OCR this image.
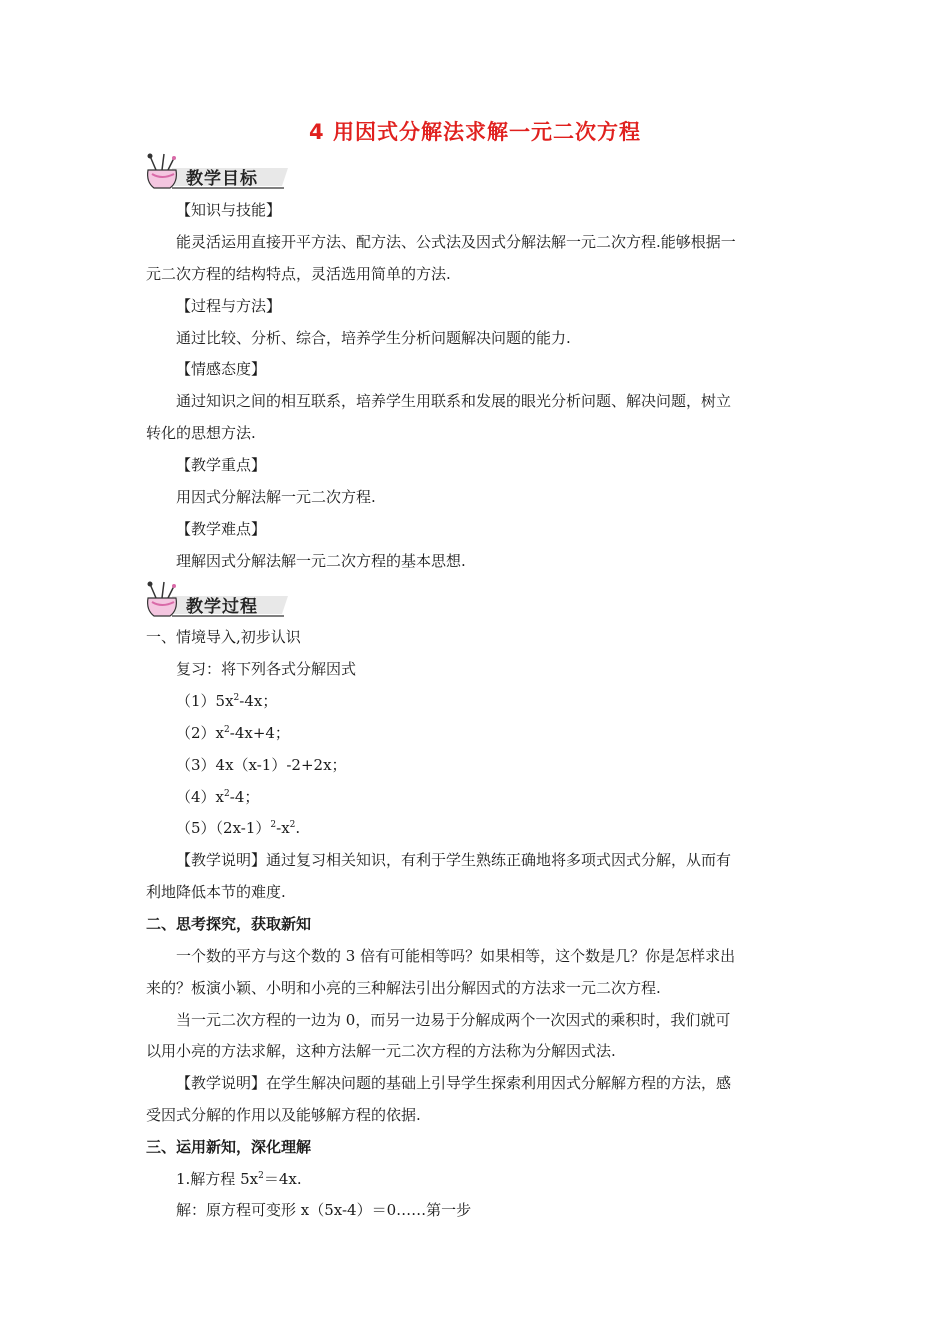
4 用因式分解法求解一元二次方程
教学目标
【知识与技能】
能灵活运用直接开平方法、配方法、公式法及因式分解法解一元二次方程.能够根据一
元二次方程的结构特点，灵活选用简单的方法.
【过程与方法】
通过比较、分析、综合，培养学生分析问题解决问题的能力.
【情感态度】
通过知识之间的相互联系，培养学生用联系和发展的眼光分析问题、解决问题，树立
转化的思想方法.
【教学重点】
用因式分解法解一元二次方程.
【教学难点】
理解因式分解法解一元二次方程的基本思想.
教学过程
一、情境导入,初步认识
复习：将下列各式分解因式
$(1)5x^2-4x$；
$(2)x^2-4x+4$；
（3）4x（x-1）-2+2x；
$(4)x^2-4$；
$(5)(2x-1)^2-x^2$.
【教学说明】通过复习相关知识，有利于学生熟练正确地将多项式因式分解，从而有
利地降低本节的难度.
二、思考探究，获取新知
一个数的平方与这个数的 3 倍有可能相等吗？如果相等，这个数是几？你是怎样求出
来的？板演小颖、小明和小亮的三种解法引出分解因式的方法求一元二次方程.
当一元二次方程的一边为 0，而另一边易于分解成两个一次因式的乘积时，我们就可
以用小亮的方法求解，这种方法解一元二次方程的方法称为分解因式法.
【教学说明】在学生解决问题的基础上引导学生探索利用因式分解解方程的方法，感
受因式分解的作用以及能够解方程的依据.
三、运用新知，深化理解
1.解方程 $5x^2=4x$.
解：原方程可变形 x（5x-4）＝0……第一步
